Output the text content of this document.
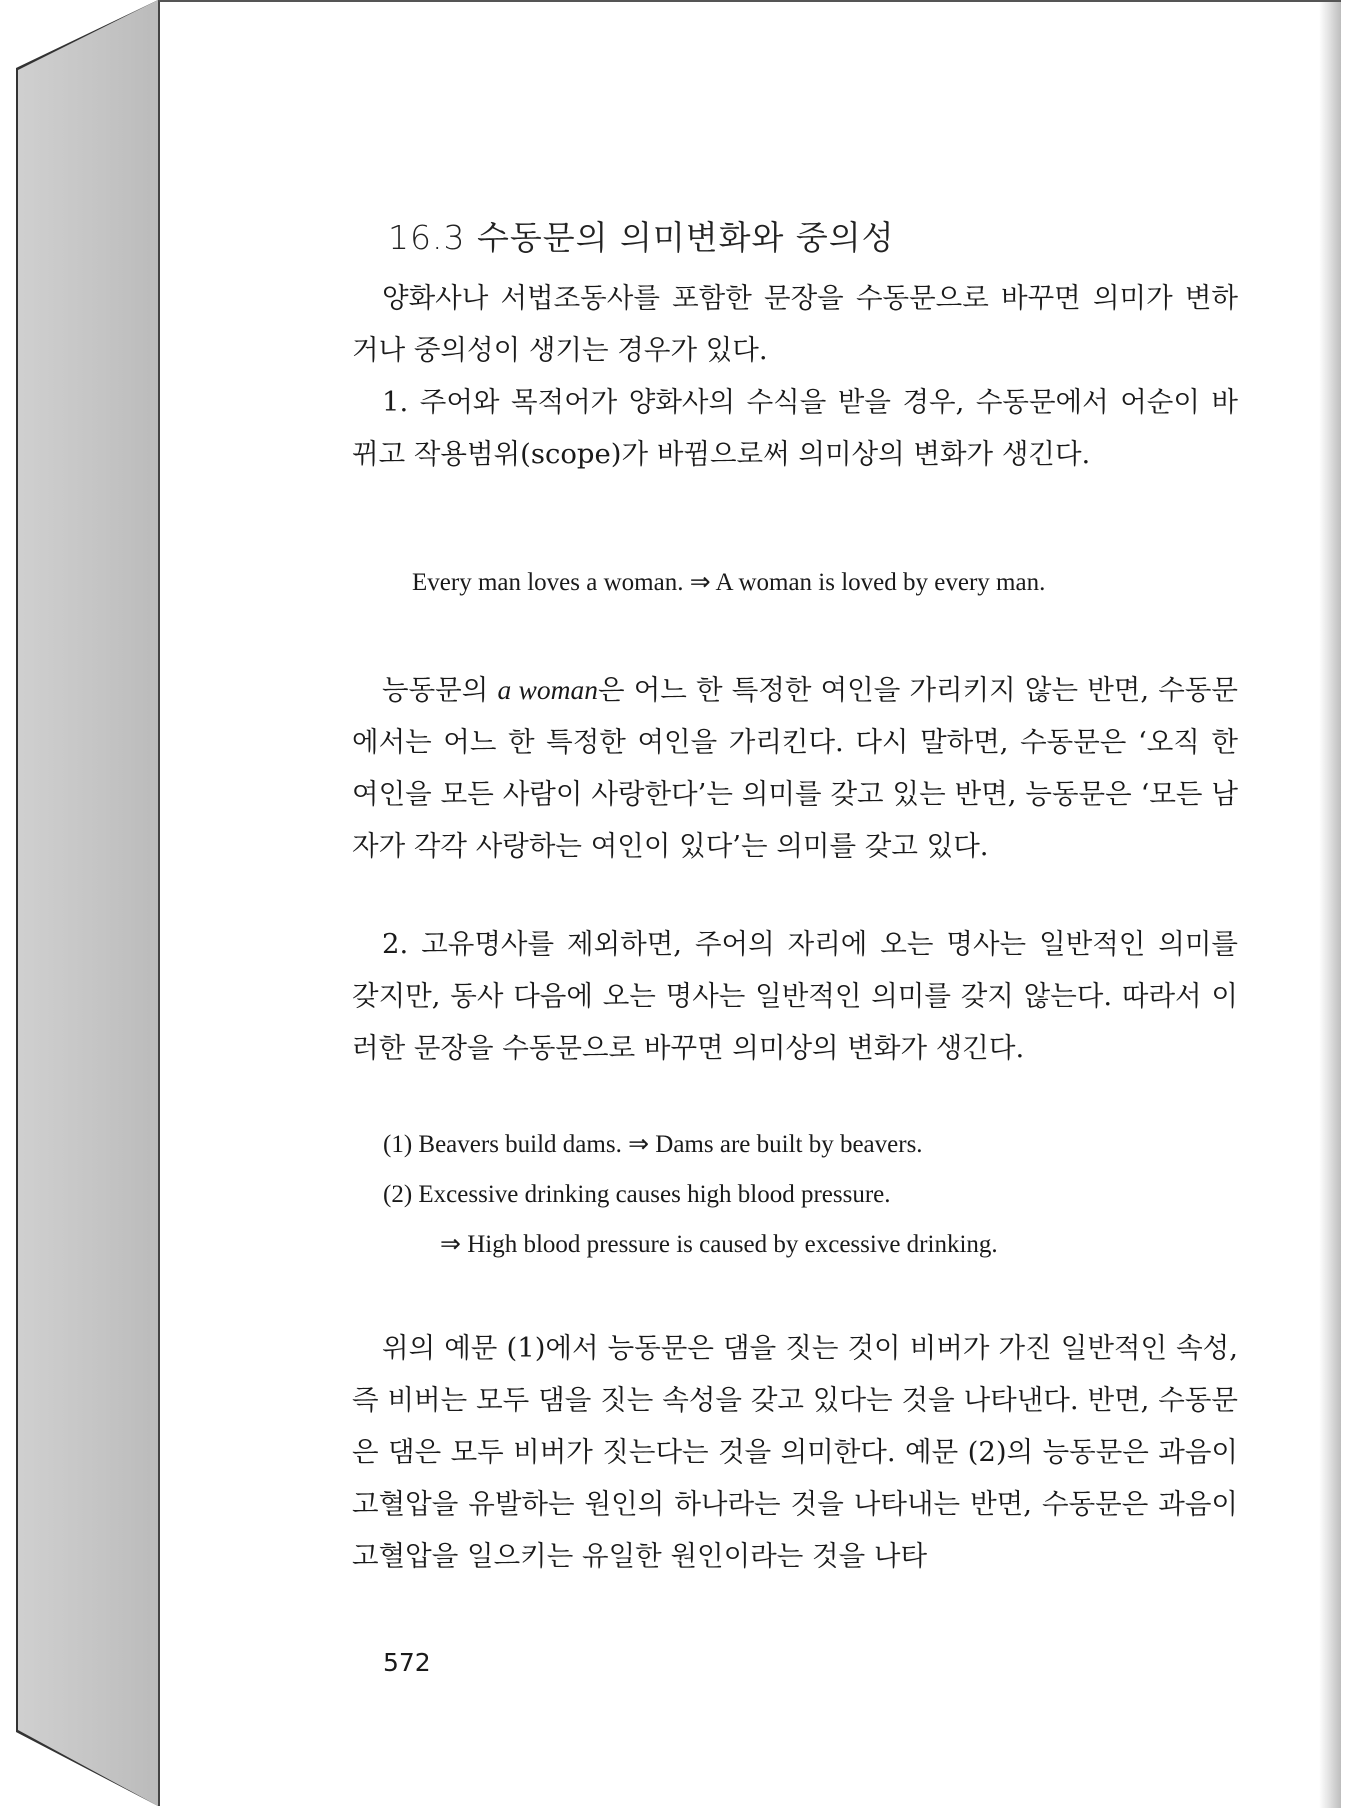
16.3 수동문의 의미변화와 중의성
양화사나 서법조동사를 포함한 문장을 수동문으로 바꾸면 의미가 변하거나 중의성이 생기는 경우가 있다.
1. 주어와 목적어가 양화사의 수식을 받을 경우, 수동문에서 어순이 바뀌고 작용범위(scope)가 바뀜으로써 의미상의 변화가 생긴다.
Every man loves a woman. ⇒ A woman is loved by every man.
능동문의 a woman은 어느 한 특정한 여인을 가리키지 않는 반면, 수동문에서는 어느 한 특정한 여인을 가리킨다. 다시 말하면, 수동문은 ‘오직 한 여인을 모든 사람이 사랑한다’는 의미를 갖고 있는 반면, 능동문은 ‘모든 남자가 각각 사랑하는 여인이 있다’는 의미를 갖고 있다.
2. 고유명사를 제외하면, 주어의 자리에 오는 명사는 일반적인 의미를 갖지만, 동사 다음에 오는 명사는 일반적인 의미를 갖지 않는다. 따라서 이러한 문장을 수동문으로 바꾸면 의미상의 변화가 생긴다.
(1) Beavers build dams. ⇒ Dams are built by beavers.
(2) Excessive drinking causes high blood pressure.
⇒ High blood pressure is caused by excessive drinking.
위의 예문 (1)에서 능동문은 댐을 짓는 것이 비버가 가진 일반적인 속성, 즉 비버는 모두 댐을 짓는 속성을 갖고 있다는 것을 나타낸다. 반면, 수동문은 댐은 모두 비버가 짓는다는 것을 의미한다. 예문 (2)의 능동문은 과음이 고혈압을 유발하는 원인의 하나라는 것을 나타내는 반면, 수동문은 과음이 고혈압을 일으키는 유일한 원인이라는 것을 나타
572
